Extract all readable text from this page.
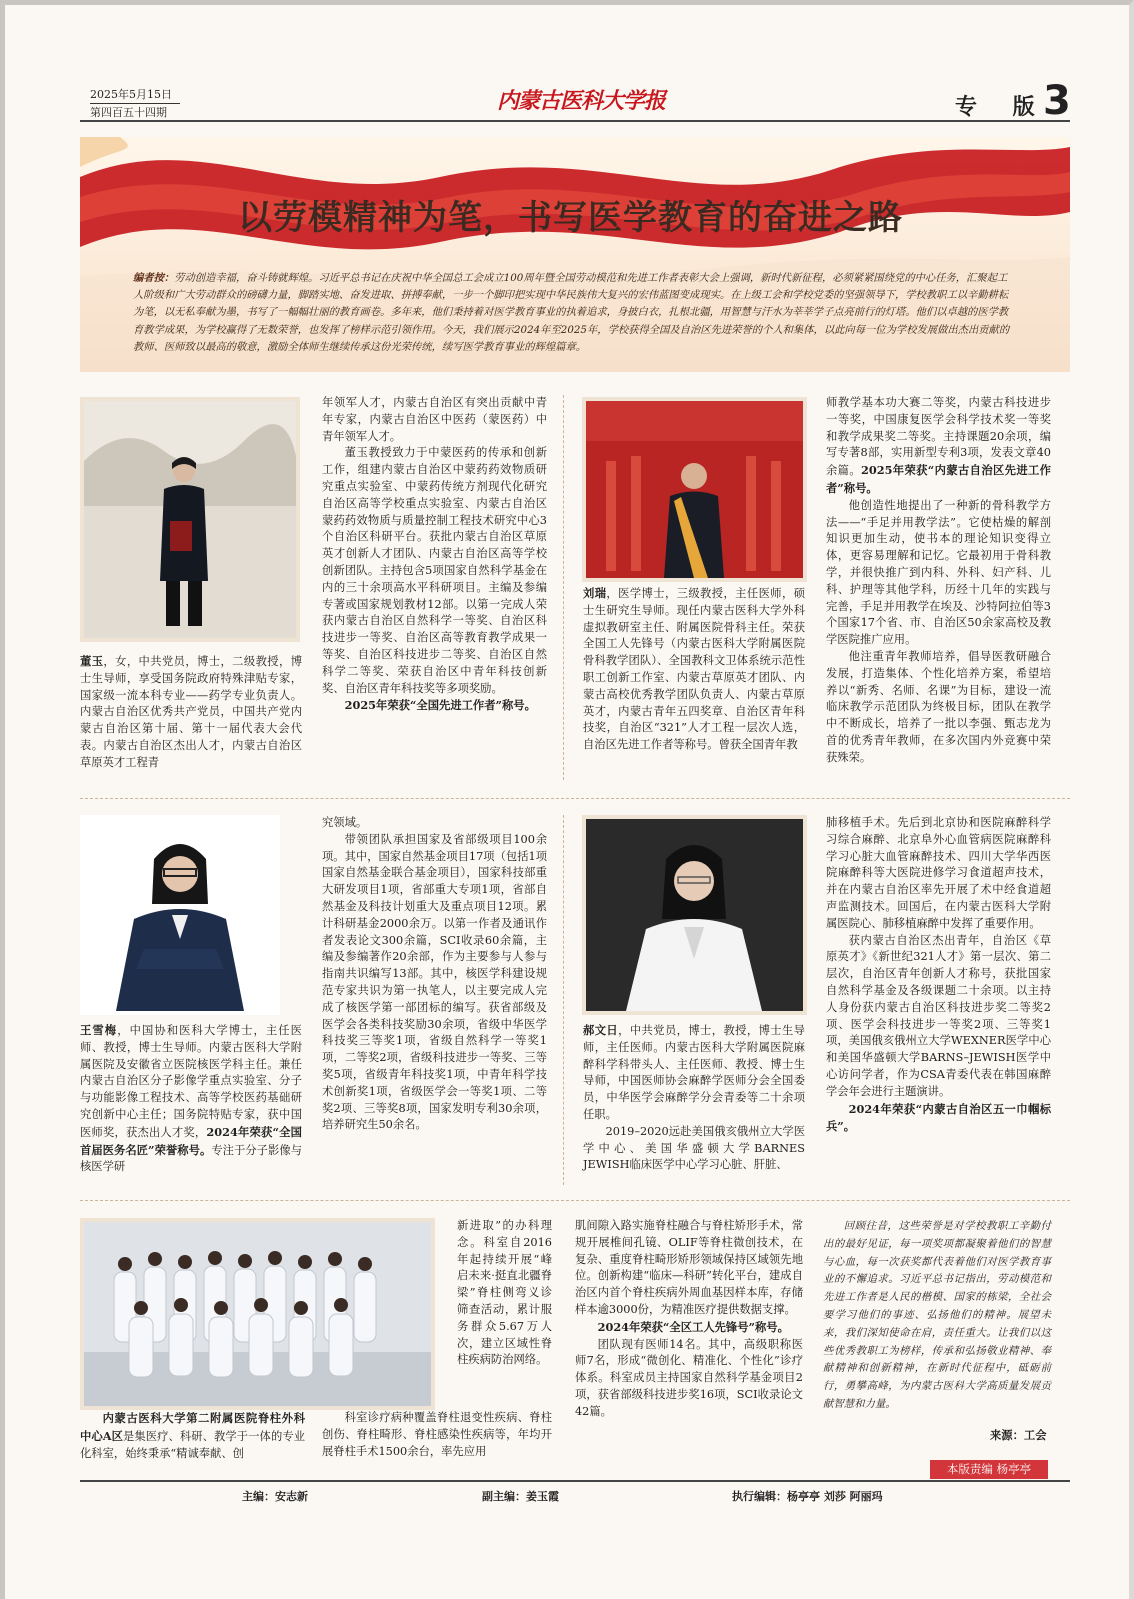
2025年5月15日
第四百五十四期	内蒙古医科大学报	专 版
3
以劳模精神为笔，书写医学教育的奋进之路
编者按：劳动创造幸福，奋斗铸就辉煌。习近平总书记在庆祝中华全国总工会成立100周年暨全国劳动模范和先进工作者表彰大会上强调，新时代新征程，必须紧紧围绕党的中心任务，汇聚起工人阶级和广大劳动群众的磅礴力量，脚踏实地、奋发进取、拼搏奉献，一步一个脚印把实现中华民族伟大复兴的宏伟蓝图变成现实。在上级工会和学校党委的坚强领导下，学校教职工以辛勤耕耘为笔，以无私奉献为墨，书写了一幅幅壮丽的教育画卷。多年来，他们秉持着对医学教育事业的执着追求，身披白衣，扎根北疆，用智慧与汗水为莘莘学子点亮前行的灯塔。他们以卓越的医学教育教学成果，为学校赢得了无数荣誉，也发挥了榜样示范引领作用。今天，我们展示2024年至2025年，学校获得全国及自治区先进荣誉的个人和集体，以此向每一位为学校发展做出杰出贡献的教师、医师致以最高的敬意，激励全体师生继续传承这份光荣传统，续写医学教育事业的辉煌篇章。
董玉，女，中共党员，博士，二级教授，博士生导师，享受国务院政府特殊津贴专家，国家级一流本科专业——药学专业负责人。内蒙古自治区优秀共产党员，中国共产党内蒙古自治区第十届、第十一届代表大会代表。内蒙古自治区杰出人才，内蒙古自治区草原英才工程青
年领军人才，内蒙古自治区有突出贡献中青年专家，内蒙古自治区中医药（蒙医药）中青年领军人才。
董玉教授致力于中蒙医药的传承和创新工作，组建内蒙古自治区中蒙药药效物质研究重点实验室、中蒙药传统方剂现代化研究自治区高等学校重点实验室、内蒙古自治区蒙药药效物质与质量控制工程技术研究中心3个自治区科研平台。获批内蒙古自治区草原英才创新人才团队、内蒙古自治区高等学校创新团队。主持包含5项国家自然科学基金在内的三十余项高水平科研项目。主编及参编专著或国家规划教材12部。以第一完成人荣获内蒙古自治区自然科学一等奖、自治区科技进步一等奖、自治区高等教育教学成果一等奖、自治区科技进步二等奖、自治区自然科学二等奖、荣获自治区中青年科技创新奖、自治区青年科技奖等多项奖励。
2025年荣获“全国先进工作者”称号。
刘瑞，医学博士，三级教授，主任医师，硕士生研究生导师。现任内蒙古医科大学外科虚拟教研室主任、附属医院骨科主任。荣获全国工人先锋号（内蒙古医科大学附属医院骨科教学团队）、全国教科文卫体系统示范性职工创新工作室、内蒙古草原英才团队、内蒙古高校优秀教学团队负责人、内蒙古草原英才，内蒙古青年五四奖章、自治区青年科技奖，自治区“321”人才工程一层次人选，自治区先进工作者等称号。曾获全国青年教
师教学基本功大赛二等奖，内蒙古科技进步一等奖，中国康复医学会科学技术奖一等奖和教学成果奖二等奖。主持课题20余项，编写专著8部，实用新型专利3项，发表文章40余篇。2025年荣获“内蒙古自治区先进工作者”称号。
他创造性地提出了一种新的骨科教学方法——“手足并用教学法”。它使枯燥的解剖知识更加生动，使书本的理论知识变得立体，更容易理解和记忆。它最初用于骨科教学，并很快推广到内科、外科、妇产科、儿科、护理等其他学科，历经十几年的实践与完善，手足并用教学在埃及、沙特阿拉伯等3个国家17个省、市、自治区50余家高校及教学医院推广应用。
他注重青年教师培养，倡导医教研融合发展，打造集体、个性化培养方案，希望培养以“新秀、名师、名课”为目标，建设一流临床教学示范团队为终极目标，团队在教学中不断成长，培养了一批以李强、甄志龙为首的优秀青年教师，在多次国内外竞赛中荣获殊荣。
王雪梅，中国协和医科大学博士，主任医师、教授，博士生导师。内蒙古医科大学附属医院及安徽省立医院核医学科主任。兼任内蒙古自治区分子影像学重点实验室、分子与功能影像工程技术、高等学校医药基础研究创新中心主任；国务院特贴专家，获中国医师奖，获杰出人才奖，2024年荣获“全国首届医务名匠”荣誉称号。专注于分子影像与核医学研
究领域。
带领团队承担国家及省部级项目100余项。其中，国家自然基金项目17项（包括1项国家自然基金联合基金项目），国家科技部重大研发项目1项，省部重大专项1项，省部自然基金及科技计划重大及重点项目12项。累计科研基金2000余万。以第一作者及通讯作者发表论文300余篇，SCI收录60余篇，主编及参编著作20余部，作为主要参与人参与指南共识编写13部。其中，核医学科建设规范专家共识为第一执笔人，以主要完成人完成了核医学第一部团标的编写。获省部级及医学会各类科技奖励30余项，省级中华医学科技奖三等奖1项，省级自然科学一等奖1项，二等奖2项，省级科技进步一等奖、三等奖5项，省级青年科技奖1项，中青年科学技术创新奖1项，省级医学会一等奖1项、二等奖2项、三等奖8项，国家发明专利30余项，培养研究生50余名。
郝文日，中共党员，博士，教授，博士生导师，主任医师。内蒙古医科大学附属医院麻醉科学科带头人、主任医师、教授、博士生导师，中国医师协会麻醉学医师分会全国委员，中华医学会麻醉学分会青委等二十余项任职。
2019–2020远赴美国俄亥俄州立大学医学中心、美国华盛顿大学BARNES JEWISH临床医学中心学习心脏、肝脏、
肺移植手术。先后到北京协和医院麻醉科学习综合麻醉、北京阜外心血管病医院麻醉科学习心脏大血管麻醉技术、四川大学华西医院麻醉科等大医院进修学习食道超声技术，并在内蒙古自治区率先开展了术中经食道超声监测技术。回国后，在内蒙古医科大学附属医院心、肺移植麻醉中发挥了重要作用。
获内蒙古自治区杰出青年，自治区《草原英才》《新世纪321人才》第一层次、第二层次，自治区青年创新人才称号，获批国家自然科学基金及各级课题二十余项。以主持人身份获内蒙古自治区科技进步奖二等奖2项、医学会科技进步一等奖2项、三等奖1项，美国俄亥俄州立大学WEXNER医学中心和美国华盛顿大学BARNS–JEWISH医学中心访问学者，作为CSA青委代表在韩国麻醉学会年会进行主题演讲。
2024年荣获“内蒙古自治区五一巾帼标兵”。
内蒙古医科大学第二附属医院脊柱外科中心A区是集医疗、科研、教学于一体的专业化科室，始终秉承“精诚奉献、创
新进取”的办科理念。科室自2016年起持续开展“峰启未来·挺直北疆脊梁”脊柱侧弯义诊筛查活动，累计服务群众5.67万人次，建立区域性脊柱疾病防治网络。
科室诊疗病种覆盖脊柱退变性疾病、脊柱创伤、脊柱畸形、脊柱感染性疾病等，年均开展脊柱手术1500余台，率先应用
肌间隙入路实施脊柱融合与脊柱矫形手术，常规开展椎间孔镜、OLIF等脊柱微创技术，在复杂、重度脊柱畸形矫形领域保持区域领先地位。创新构建“临床—科研”转化平台，建成自治区内首个脊柱疾病外周血基因样本库，存储样本逾3000份，为精准医疗提供数据支撑。
2024年荣获“全区工人先锋号”称号。
团队现有医师14名。其中，高级职称医师7名，形成“微创化、精准化、个性化”诊疗体系。科室成员主持国家自然科学基金项目2项，获省部级科技进步奖16项，SCI收录论文42篇。
回顾往昔，这些荣誉是对学校教职工辛勤付出的最好见证，每一项奖项都凝聚着他们的智慧与心血，每一次获奖都代表着他们对医学教育事业的不懈追求。习近平总书记指出，劳动模范和先进工作者是人民的楷模、国家的栋梁，全社会要学习他们的事迹、弘扬他们的精神。展望未来，我们深知使命在肩，责任重大。让我们以这些优秀教职工为榜样，传承和弘扬敬业精神、奉献精神和创新精神，在新时代征程中，砥砺前行，勇攀高峰，为内蒙古医科大学高质量发展贡献智慧和力量。
来源：工会
本版责编 杨亭亭
主编：安志新	副主编：姜玉霞	执行编辑：杨亭亭 刘莎 阿丽玛
